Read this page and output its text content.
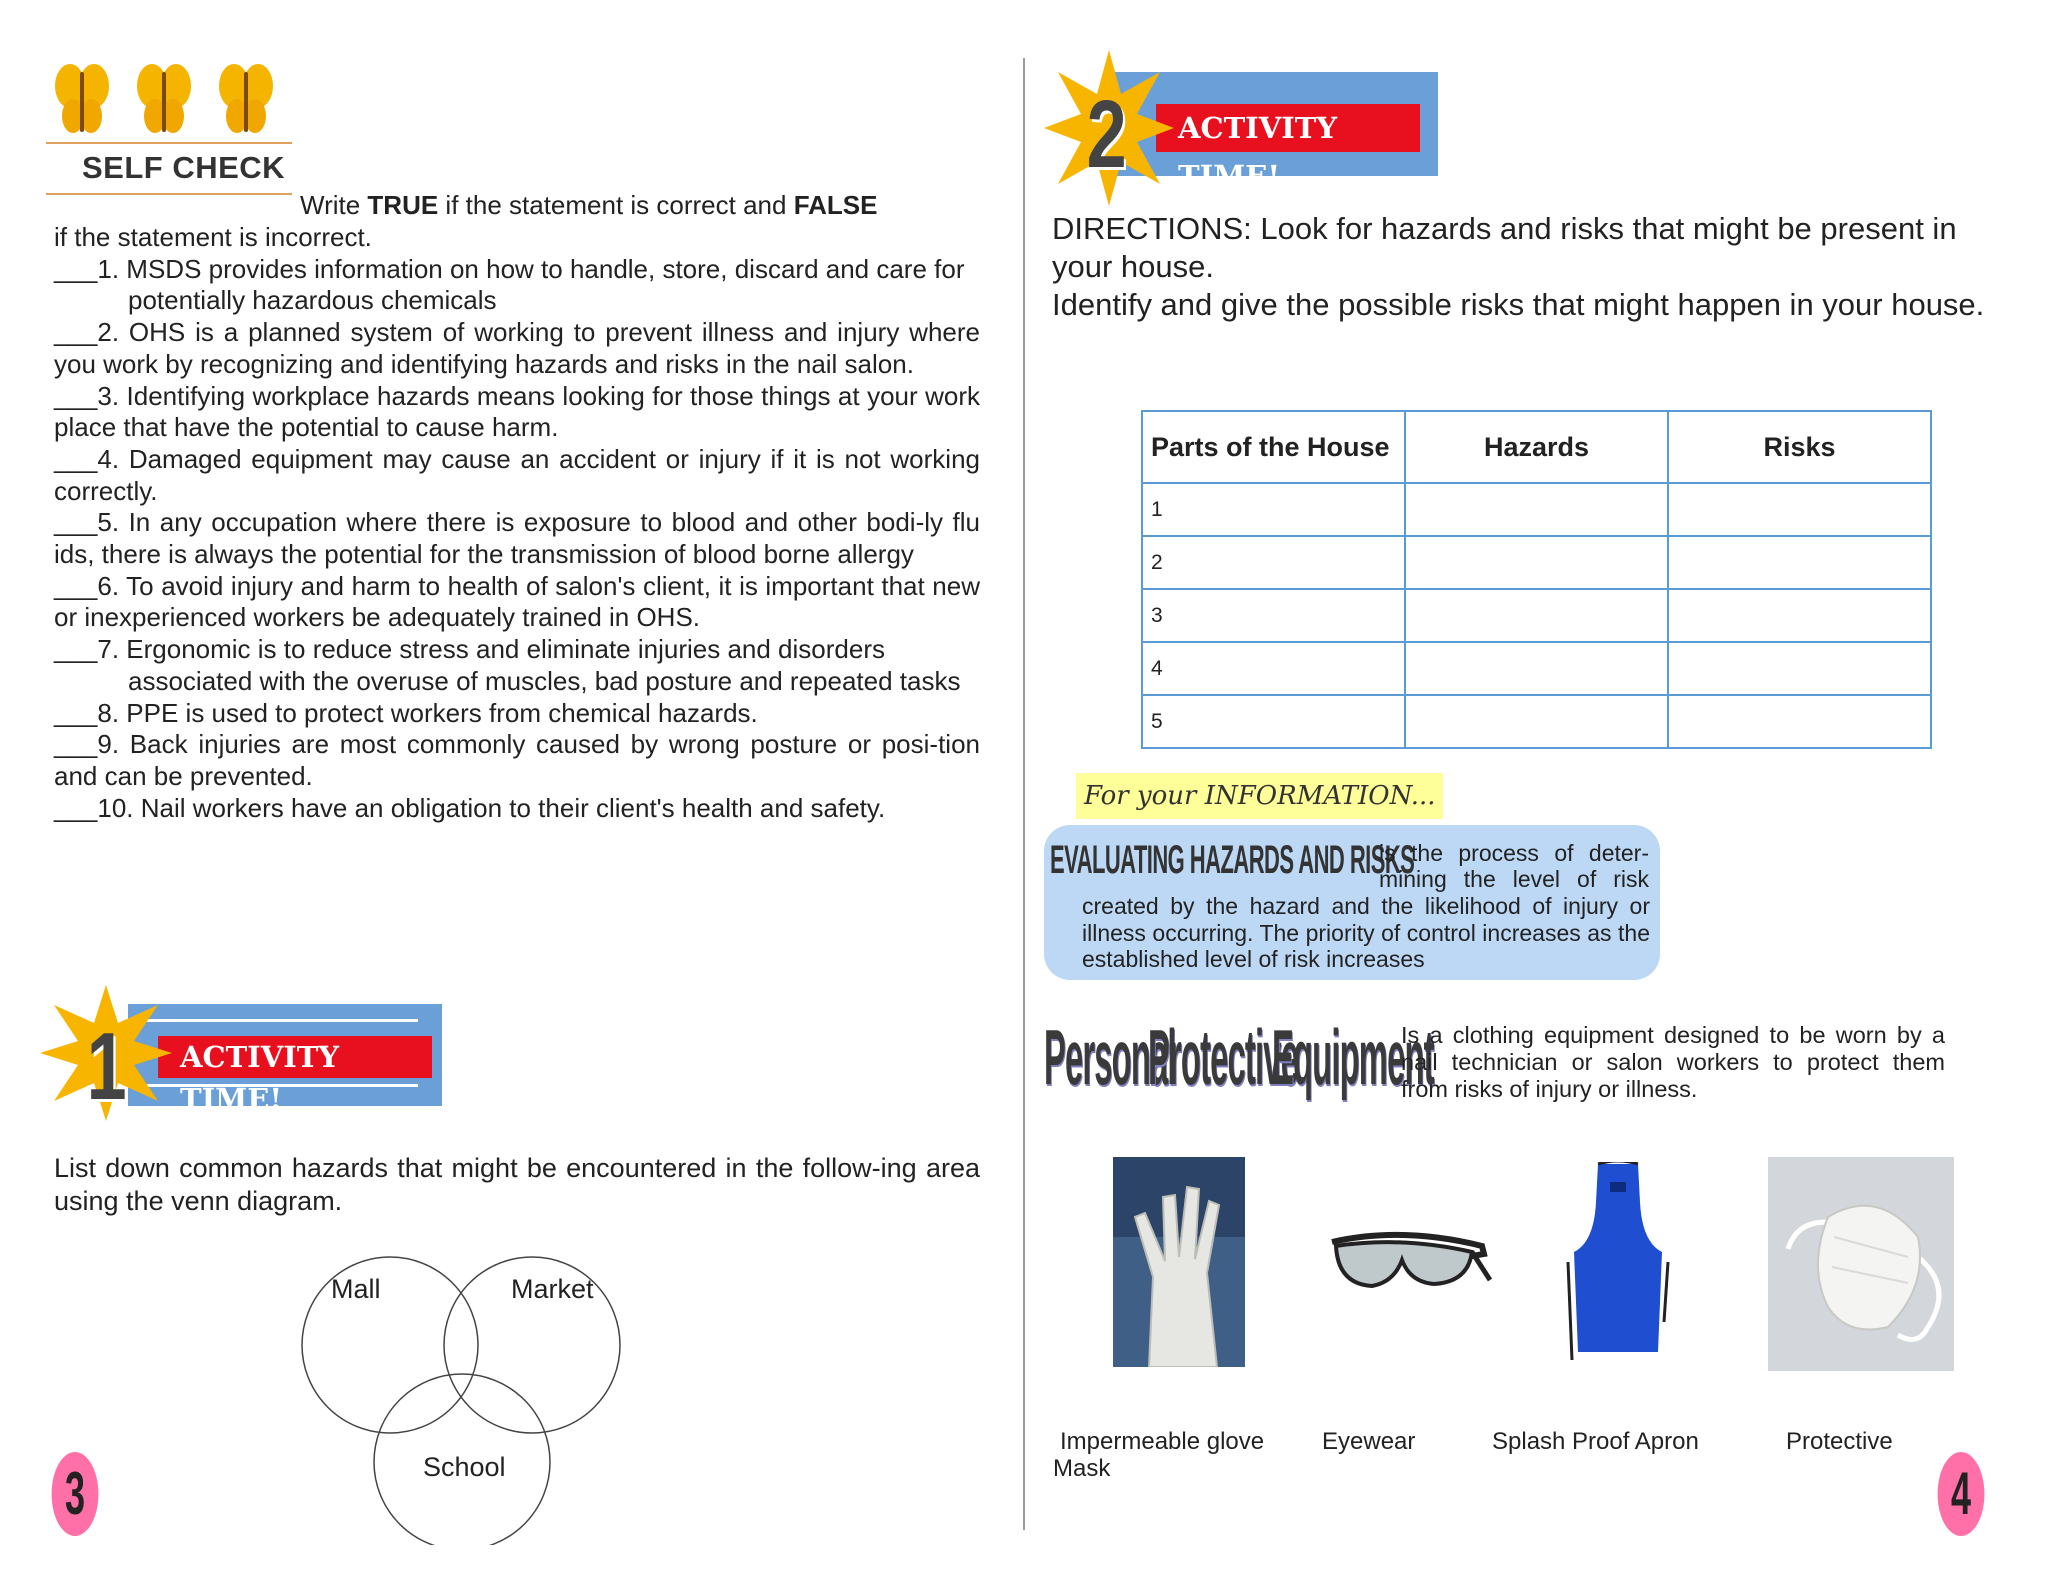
SELF CHECK
Write TRUE if the statement is correct and FALSE
if the statement is incorrect.
___1. MSDS provides information on how to handle, store, discard and care for
potentially hazardous chemicals
___2. OHS is a planned system of working to prevent illness and injury where you work by recognizing and identifying hazards and risks in the nail salon.
___3. Identifying workplace hazards means looking for those things at your work place that have the potential to cause harm.
___4. Damaged equipment may cause an accident or injury if it is not working correctly.
___5. In any occupation where there is exposure to blood and other bodi-ly flu ids, there is always the potential for the transmission of blood borne allergy
___6. To avoid injury and harm to health of salon's client, it is important that new or inexperienced workers be adequately trained in OHS.
___7. Ergonomic is to reduce stress and eliminate injuries and disorders
associated with the overuse of muscles, bad posture and repeated tasks
___8. PPE is used to protect workers from chemical hazards.
___9. Back injuries are most commonly caused by wrong posture or posi-tion and can be prevented.
___10. Nail workers have an obligation to their client's health and safety.
ACTIVITY TIME!
1
List down common hazards that might be encountered in the follow-ing area using the venn diagram.
Mall	Market
School
3
ACTIVITY TIME!
2
DIRECTIONS: Look for hazards and risks that might be present in your house.
Identify and give the possible risks that might happen in your house.
Parts of the House	Hazards	Risks
1		
2		
3		
4		
5		
For your INFORMATION...
EVALUATING HAZARDS AND RISKS
is the process of deter-
mining the level of risk
created by the hazard and the likelihood of injury or illness occurring. The priority of control increases as the established level of risk increases
Personal
Protective
Equipment
Is a clothing equipment designed to be worn by a nail technician or salon workers to protect them from risks of injury or illness.
Impermeable glove Eyewear	Splash Proof Apron	Protective
Mask	4
